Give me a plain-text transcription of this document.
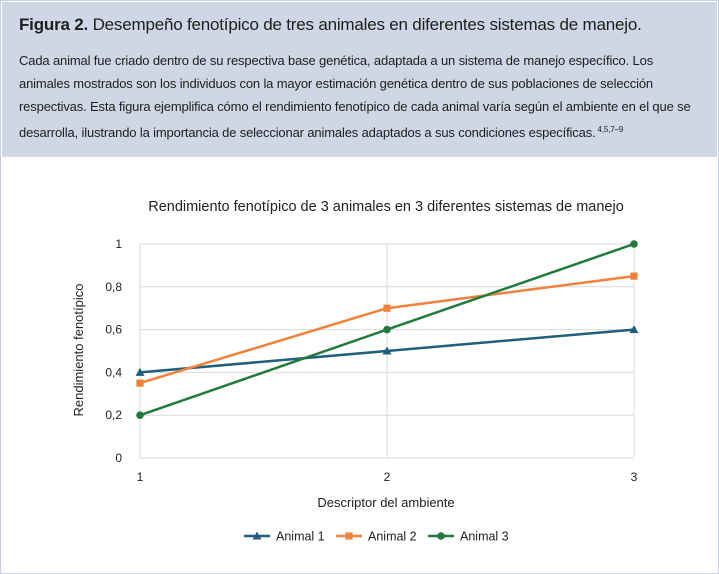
Figura 2. Desempeño fenotípico de tres animales en diferentes sistemas de manejo.
Cada animal fue criado dentro de su respectiva base genética, adaptada a un sistema de manejo específico. Los animales mostrados son los individuos con la mayor estimación genética dentro de sus poblaciones de selección respectivas. Esta figura ejemplifica cómo el rendimiento fenotípico de cada animal varía según el ambiente en el que se desarrolla, ilustrando la importancia de seleccionar animales adaptados a sus condiciones específicas. $^{4,5,7-9}$
Rendimiento fenotípico de 3 animales en 3 diferentes sistemas de manejo
0
0,2
0,4
0,6
0,8
1
1	2	3
Descriptor del ambiente
Rendimiento fenotípico
Animal 1	Animal 2	Animal 3
